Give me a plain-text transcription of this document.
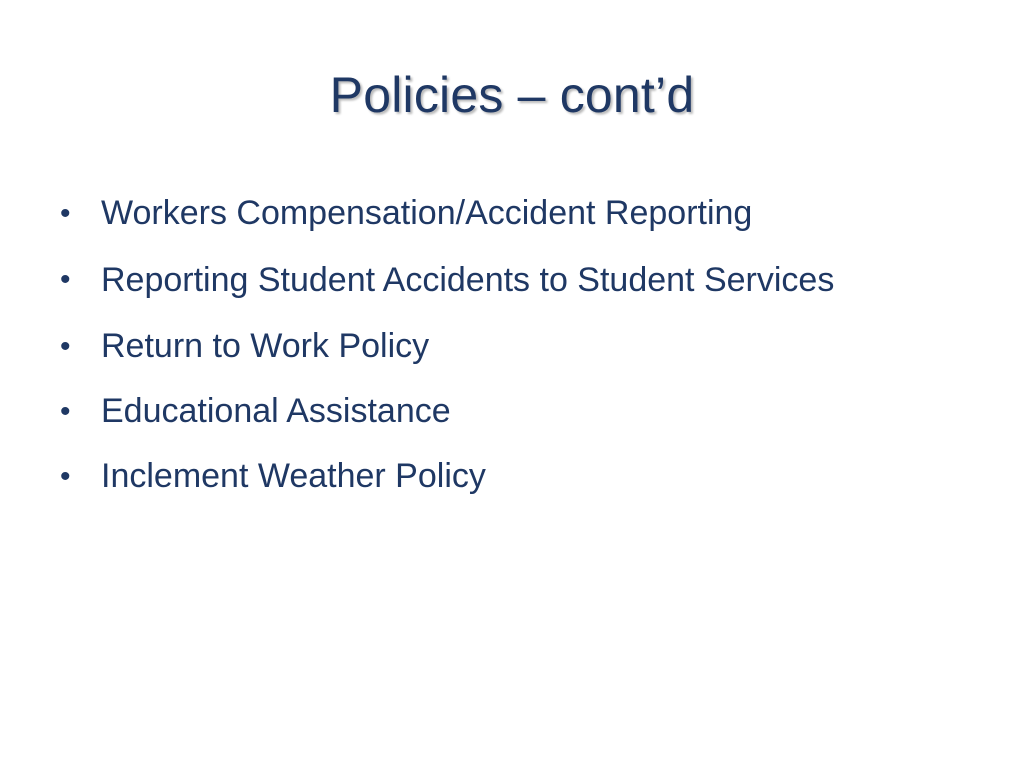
Policies – cont’d
• Workers Compensation/Accident Reporting
• Reporting Student Accidents to Student Services
• Return to Work Policy
• Educational Assistance
• Inclement Weather Policy
